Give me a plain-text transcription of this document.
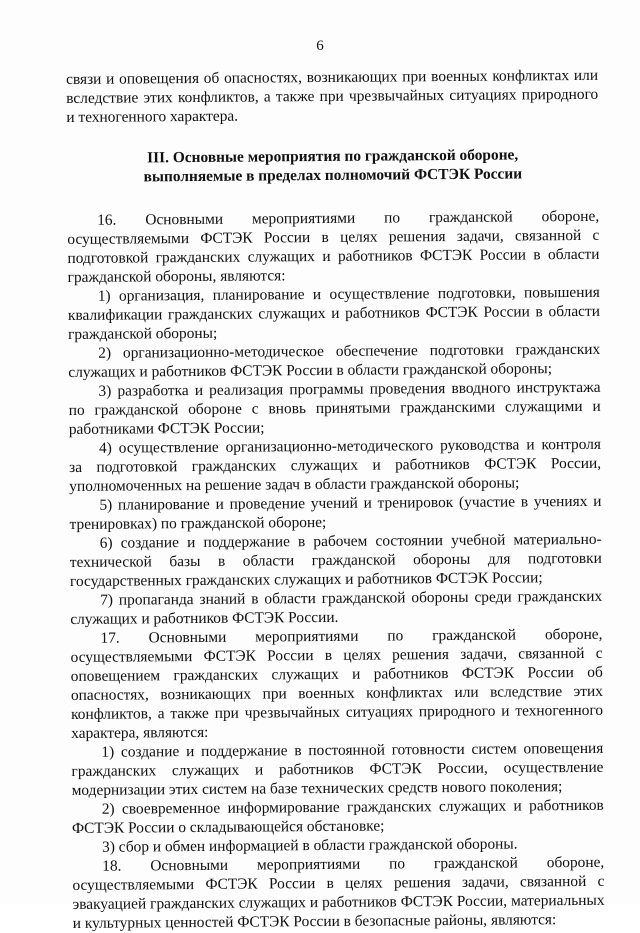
6

связи и оповещения об опасностях, возникающих при военных конфликтах или вследствие этих конфликтов, а также при чрезвычайных ситуациях природного и техногенного характера.

III. Основные мероприятия по гражданской обороне,
выполняемые в пределах полномочий ФСТЭК России

16. Основными мероприятиями по гражданской обороне, осуществляемыми ФСТЭК России в целях решения задачи, связанной с подготовкой гражданских служащих и работников ФСТЭК России в области гражданской обороны, являются:

1) организация, планирование и осуществление подготовки, повышения квалификации гражданских служащих и работников ФСТЭК России в области гражданской обороны;

2) организационно-методическое обеспечение подготовки гражданских служащих и работников ФСТЭК России в области гражданской обороны;

3) разработка и реализация программы проведения вводного инструктажа по гражданской обороне с вновь принятыми гражданскими служащими и работниками ФСТЭК России;

4) осуществление организационно-методического руководства и контроля за подготовкой гражданских служащих и работников ФСТЭК России, уполномоченных на решение задач в области гражданской обороны;

5) планирование и проведение учений и тренировок (участие в учениях и тренировках) по гражданской обороне;

6) создание и поддержание в рабочем состоянии учебной материально-технической базы в области гражданской обороны для подготовки государственных гражданских служащих и работников ФСТЭК России;

7) пропаганда знаний в области гражданской обороны среди гражданских служащих и работников ФСТЭК России.

17. Основными мероприятиями по гражданской обороне, осуществляемыми ФСТЭК России в целях решения задачи, связанной с оповещением гражданских служащих и работников ФСТЭК России об опасностях, возникающих при военных конфликтах или вследствие этих конфликтов, а также при чрезвычайных ситуациях природного и техногенного характера, являются:

1) создание и поддержание в постоянной готовности систем оповещения гражданских служащих и работников ФСТЭК России, осуществление модернизации этих систем на базе технических средств нового поколения;

2) своевременное информирование гражданских служащих и работников ФСТЭК России о складывающейся обстановке;

3) сбор и обмен информацией в области гражданской обороны.

18. Основными мероприятиями по гражданской обороне, осуществляемыми ФСТЭК России в целях решения задачи, связанной с эвакуацией гражданских служащих и работников ФСТЭК России, материальных и культурных ценностей ФСТЭК России в безопасные районы, являются:
